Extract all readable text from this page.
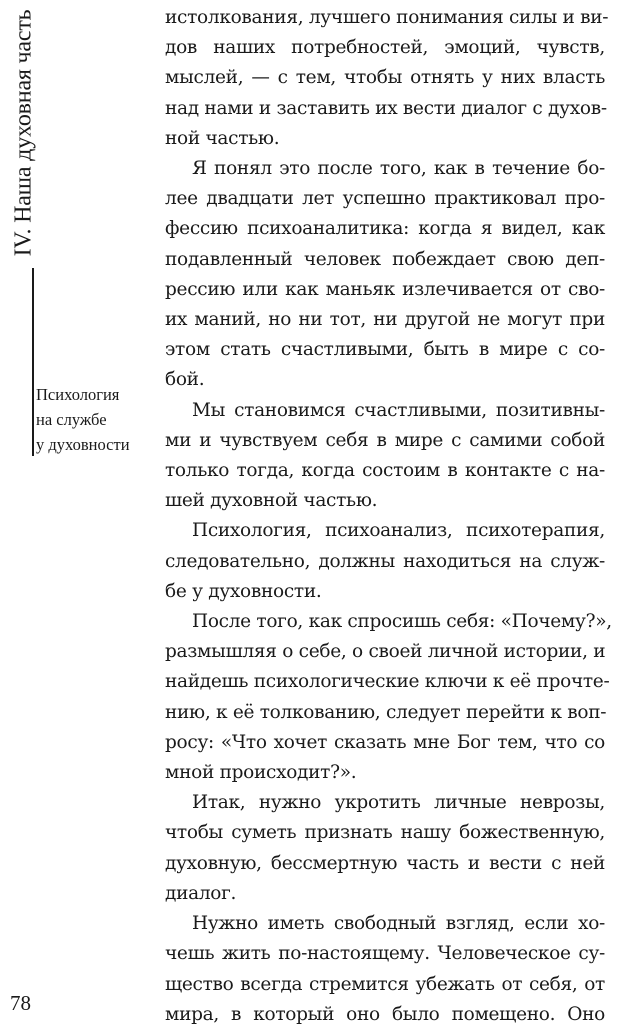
IV. Наша духовная часть
Психология
на службе
у духовности
78
истолкования, лучшего понимания силы и ви-
дов наших потребностей, эмоций, чувств,
мыслей, — с тем, чтобы отнять у них власть
над нами и заставить их вести диалог с духов-
ной частью.
Я понял это после того, как в течение бо-
лее двадцати лет успешно практиковал про-
фессию психоаналитика: когда я видел, как
подавленный человек побеждает свою деп-
рессию или как маньяк излечивается от сво-
их маний, но ни тот, ни другой не могут при
этом стать счастливыми, быть в мире с со-
бой.
Мы становимся счастливыми, позитивны-
ми и чувствуем себя в мире с самими собой
только тогда, когда состоим в контакте с на-
шей духовной частью.
Психология, психоанализ, психотерапия,
следовательно, должны находиться на служ-
бе у духовности.
После того, как спросишь себя: «Почему?»,
размышляя о себе, о своей личной истории, и
найдешь психологические ключи к её прочте-
нию, к её толкованию, следует перейти к воп-
росу: «Что хочет сказать мне Бог тем, что со
мной происходит?».
Итак, нужно укротить личные неврозы,
чтобы суметь признать нашу божественную,
духовную, бессмертную часть и вести с ней
диалог.
Нужно иметь свободный взгляд, если хо-
чешь жить по-настоящему. Человеческое су-
щество всегда стремится убежать от себя, от
мира, в который оно было помещено. Оно
